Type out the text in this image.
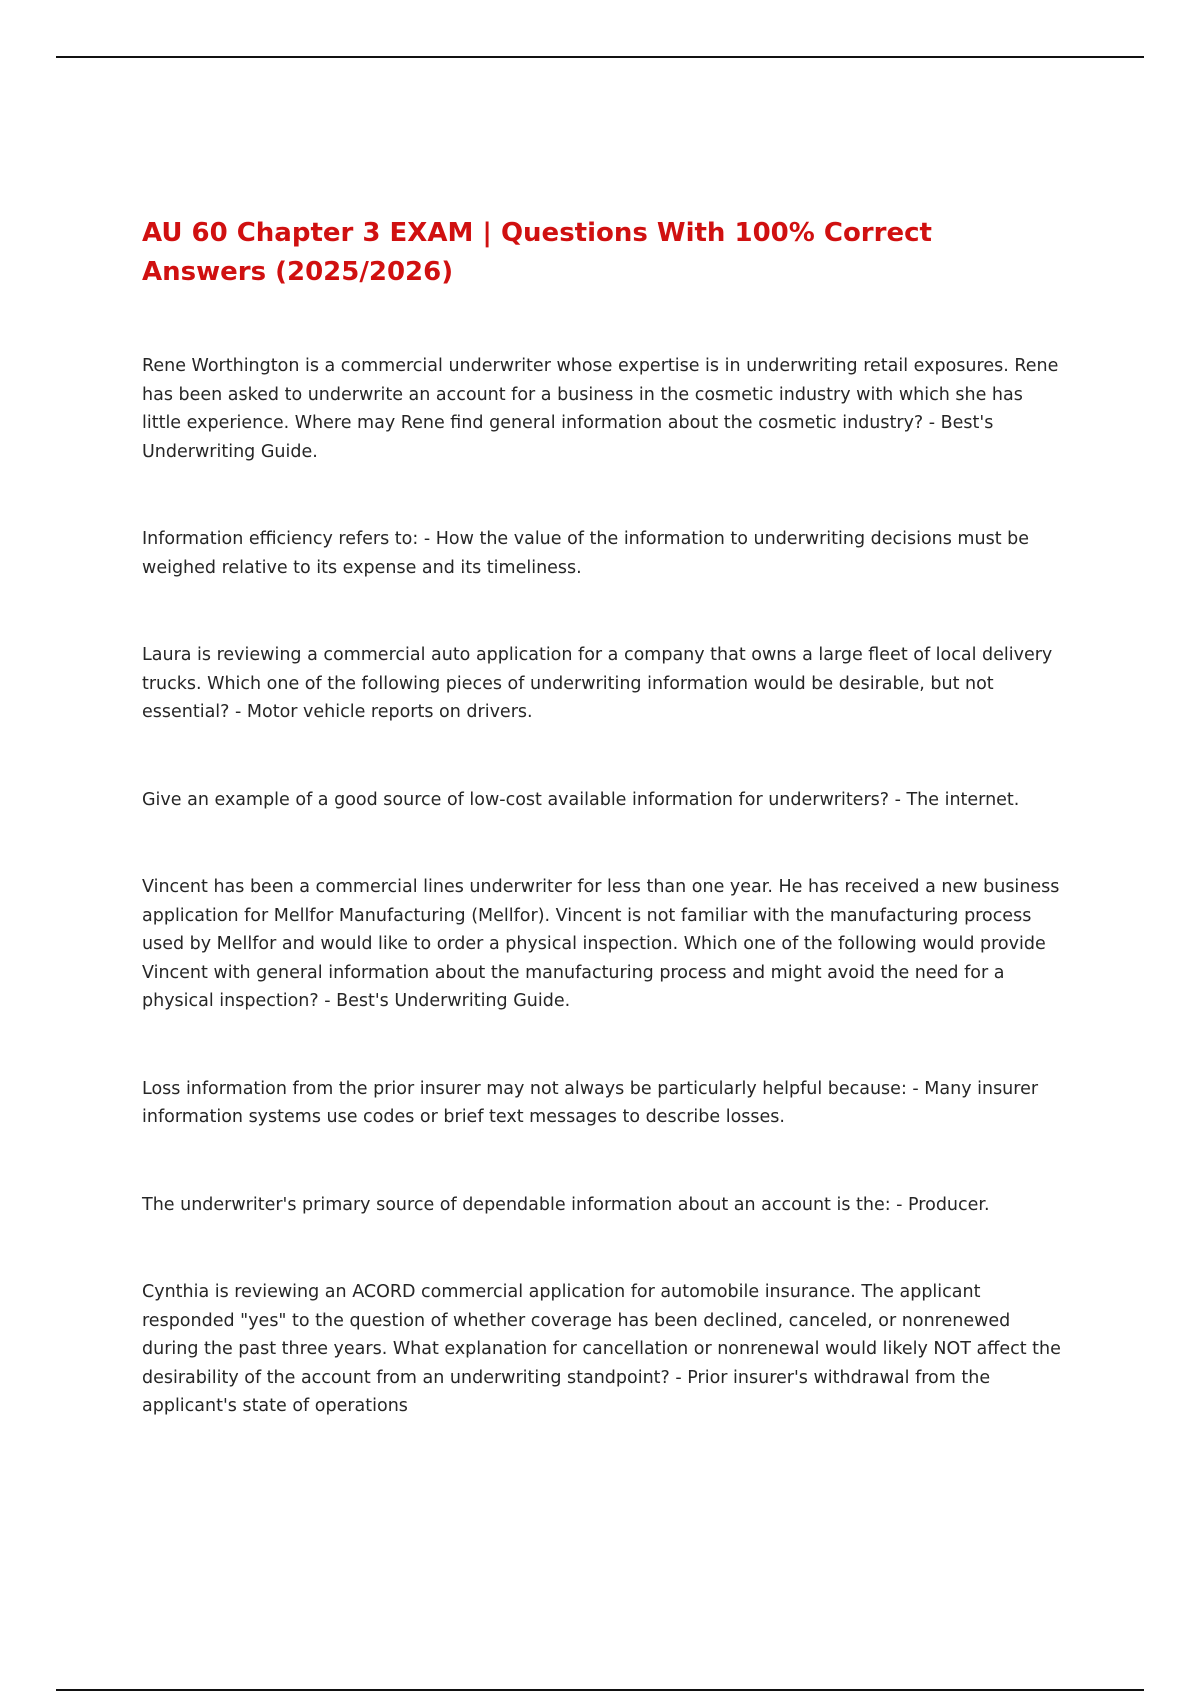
AU 60 Chapter 3 EXAM | Questions With 100% Correct Answers (2025/2026)

Rene Worthington is a commercial underwriter whose expertise is in underwriting retail exposures. Rene has been asked to underwrite an account for a business in the cosmetic industry with which she has little experience. Where may Rene find general information about the cosmetic industry? - Best's Underwriting Guide.

Information efficiency refers to: - How the value of the information to underwriting decisions must be weighed relative to its expense and its timeliness.

Laura is reviewing a commercial auto application for a company that owns a large fleet of local delivery trucks. Which one of the following pieces of underwriting information would be desirable, but not essential? - Motor vehicle reports on drivers.

Give an example of a good source of low-cost available information for underwriters? - The internet.

Vincent has been a commercial lines underwriter for less than one year. He has received a new business application for Mellfor Manufacturing (Mellfor). Vincent is not familiar with the manufacturing process used by Mellfor and would like to order a physical inspection. Which one of the following would provide Vincent with general information about the manufacturing process and might avoid the need for a physical inspection? - Best's Underwriting Guide.

Loss information from the prior insurer may not always be particularly helpful because: - Many insurer information systems use codes or brief text messages to describe losses.

The underwriter's primary source of dependable information about an account is the: - Producer.

Cynthia is reviewing an ACORD commercial application for automobile insurance. The applicant responded "yes" to the question of whether coverage has been declined, canceled, or nonrenewed during the past three years. What explanation for cancellation or nonrenewal would likely NOT affect the desirability of the account from an underwriting standpoint? - Prior insurer's withdrawal from the applicant's state of operations
